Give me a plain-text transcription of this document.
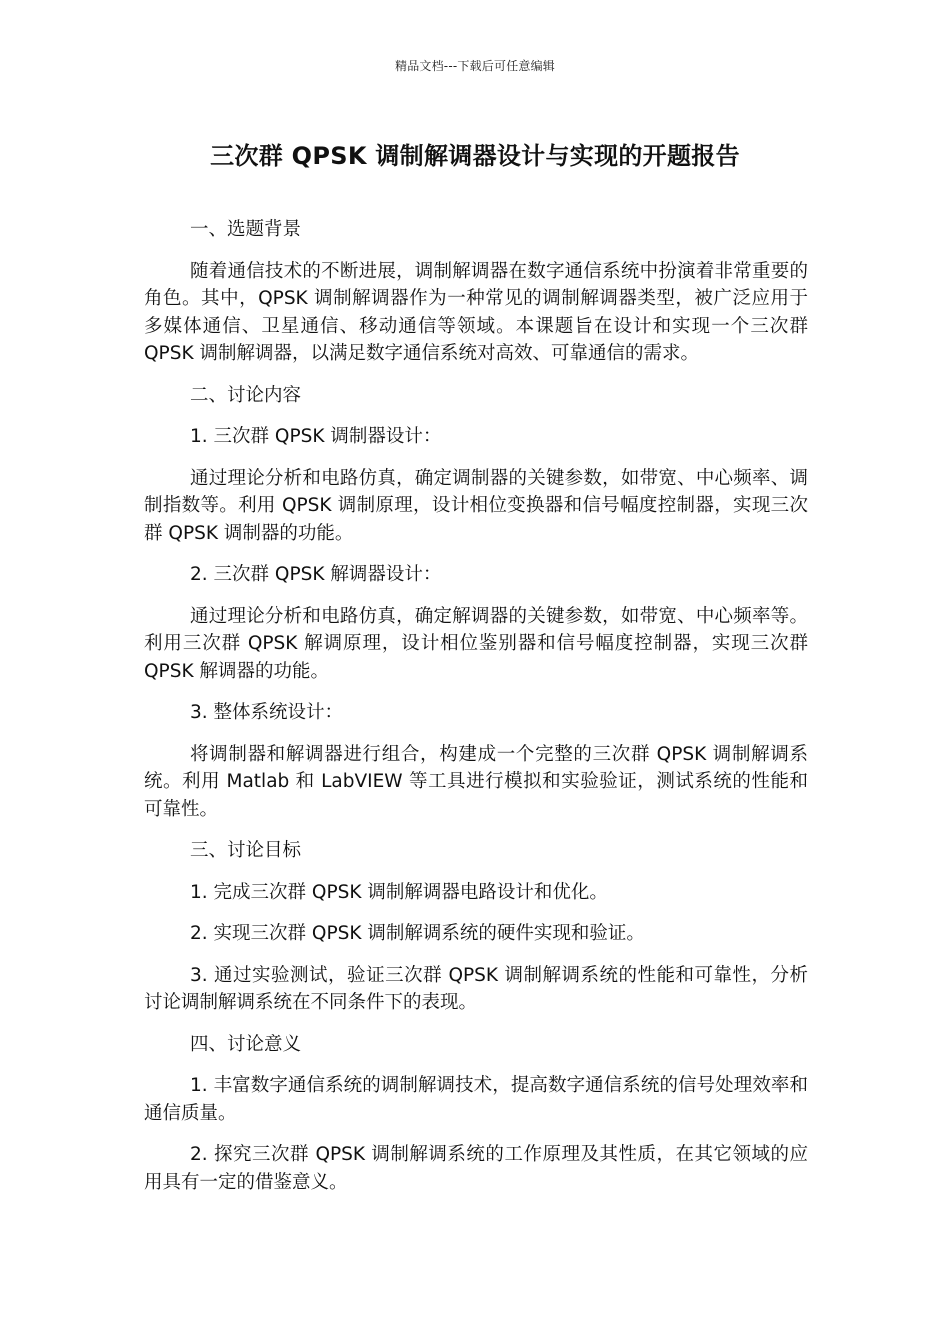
精品文档---下载后可任意编辑
三次群 QPSK 调制解调器设计与实现的开题报告

一、选题背景

随着通信技术的不断进展，调制解调器在数字通信系统中扮演着非常重要的角色。其中，QPSK 调制解调器作为一种常见的调制解调器类型，被广泛应用于多媒体通信、卫星通信、移动通信等领域。本课题旨在设计和实现一个三次群 QPSK 调制解调器，以满足数字通信系统对高效、可靠通信的需求。

二、讨论内容

1. 三次群 QPSK 调制器设计：

通过理论分析和电路仿真，确定调制器的关键参数，如带宽、中心频率、调制指数等。利用 QPSK 调制原理，设计相位变换器和信号幅度控制器，实现三次群 QPSK 调制器的功能。

2. 三次群 QPSK 解调器设计：

通过理论分析和电路仿真，确定解调器的关键参数，如带宽、中心频率等。利用三次群 QPSK 解调原理，设计相位鉴别器和信号幅度控制器，实现三次群 QPSK 解调器的功能。

3. 整体系统设计：

将调制器和解调器进行组合，构建成一个完整的三次群 QPSK 调制解调系统。利用 Matlab 和 LabVIEW 等工具进行模拟和实验验证，测试系统的性能和可靠性。

三、讨论目标

1. 完成三次群 QPSK 调制解调器电路设计和优化。

2. 实现三次群 QPSK 调制解调系统的硬件实现和验证。

3. 通过实验测试，验证三次群 QPSK 调制解调系统的性能和可靠性，分析讨论调制解调系统在不同条件下的表现。

四、讨论意义

1. 丰富数字通信系统的调制解调技术，提高数字通信系统的信号处理效率和通信质量。

2. 探究三次群 QPSK 调制解调系统的工作原理及其性质，在其它领域的应用具有一定的借鉴意义。
